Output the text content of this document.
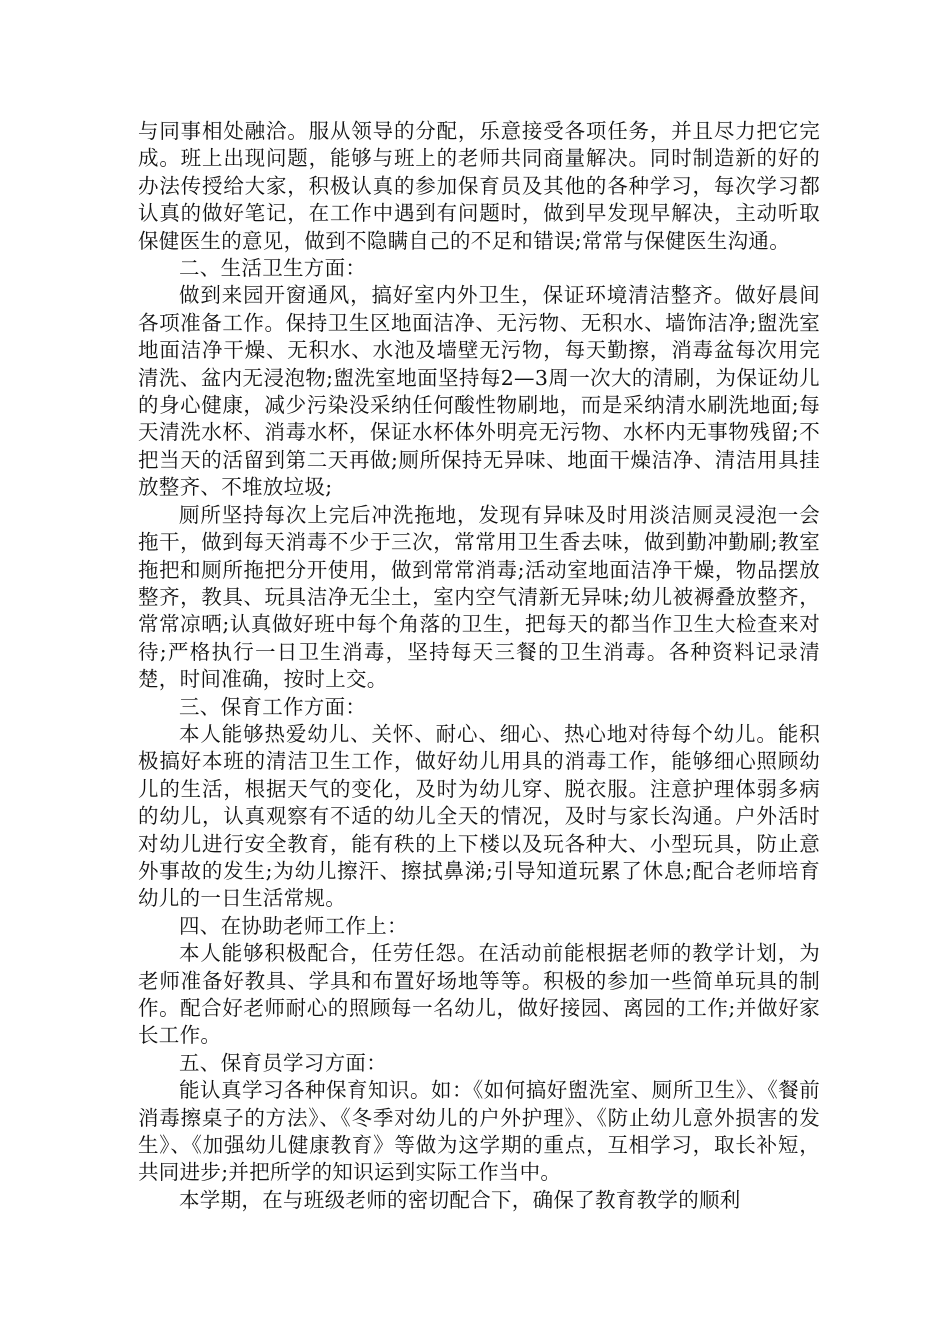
与同事相处融洽。服从领导的分配，乐意接受各项任务，并且尽力把它完成。班上出现问题，能够与班上的老师共同商量解决。同时制造新的好的办法传授给大家，积极认真的参加保育员及其他的各种学习，每次学习都认真的做好笔记，在工作中遇到有问题时，做到早发现早解决，主动听取保健医生的意见，做到不隐瞒自己的不足和错误;常常与保健医生沟通。

二、生活卫生方面：

做到来园开窗通风，搞好室内外卫生，保证环境清洁整齐。做好晨间各项准备工作。保持卫生区地面洁净、无污物、无积水、墙饰洁净;盥洗室地面洁净干燥、无积水、水池及墙壁无污物，每天勤擦，消毒盆每次用完清洗、盆内无浸泡物;盥洗室地面坚持每2—3周一次大的清刷，为保证幼儿的身心健康，减少污染没采纳任何酸性物刷地，而是采纳清水刷洗地面;每天清洗水杯、消毒水杯，保证水杯体外明亮无污物、水杯内无事物残留;不把当天的活留到第二天再做;厕所保持无异味、地面干燥洁净、清洁用具挂放整齐、不堆放垃圾;

厕所坚持每次上完后冲洗拖地，发现有异味及时用淡洁厕灵浸泡一会拖干，做到每天消毒不少于三次，常常用卫生香去味，做到勤冲勤刷;教室拖把和厕所拖把分开使用，做到常常消毒;活动室地面洁净干燥，物品摆放整齐，教具、玩具洁净无尘土，室内空气清新无异味;幼儿被褥叠放整齐，常常凉晒;认真做好班中每个角落的卫生，把每天的都当作卫生大检查来对待;严格执行一日卫生消毒，坚持每天三餐的卫生消毒。各种资料记录清楚，时间准确，按时上交。

三、保育工作方面：

本人能够热爱幼儿、关怀、耐心、细心、热心地对待每个幼儿。能积极搞好本班的清洁卫生工作，做好幼儿用具的消毒工作，能够细心照顾幼儿的生活，根据天气的变化，及时为幼儿穿、脱衣服。注意护理体弱多病的幼儿，认真观察有不适的幼儿全天的情况，及时与家长沟通。户外活时对幼儿进行安全教育，能有秩的上下楼以及玩各种大、小型玩具，防止意外事故的发生;为幼儿擦汗、擦拭鼻涕;引导知道玩累了休息;配合老师培育幼儿的一日生活常规。

四、在协助老师工作上：

本人能够积极配合，任劳任怨。在活动前能根据老师的教学计划，为老师准备好教具、学具和布置好场地等等。积极的参加一些简单玩具的制作。配合好老师耐心的照顾每一名幼儿，做好接园、离园的工作;并做好家长工作。

五、保育员学习方面：

能认真学习各种保育知识。如：《如何搞好盥洗室、厕所卫生》、《餐前消毒擦桌子的方法》、《冬季对幼儿的户外护理》、《防止幼儿意外损害的发生》、《加强幼儿健康教育》等做为这学期的重点，互相学习，取长补短，共同进步;并把所学的知识运到实际工作当中。

本学期，在与班级老师的密切配合下，确保了教育教学的顺利
